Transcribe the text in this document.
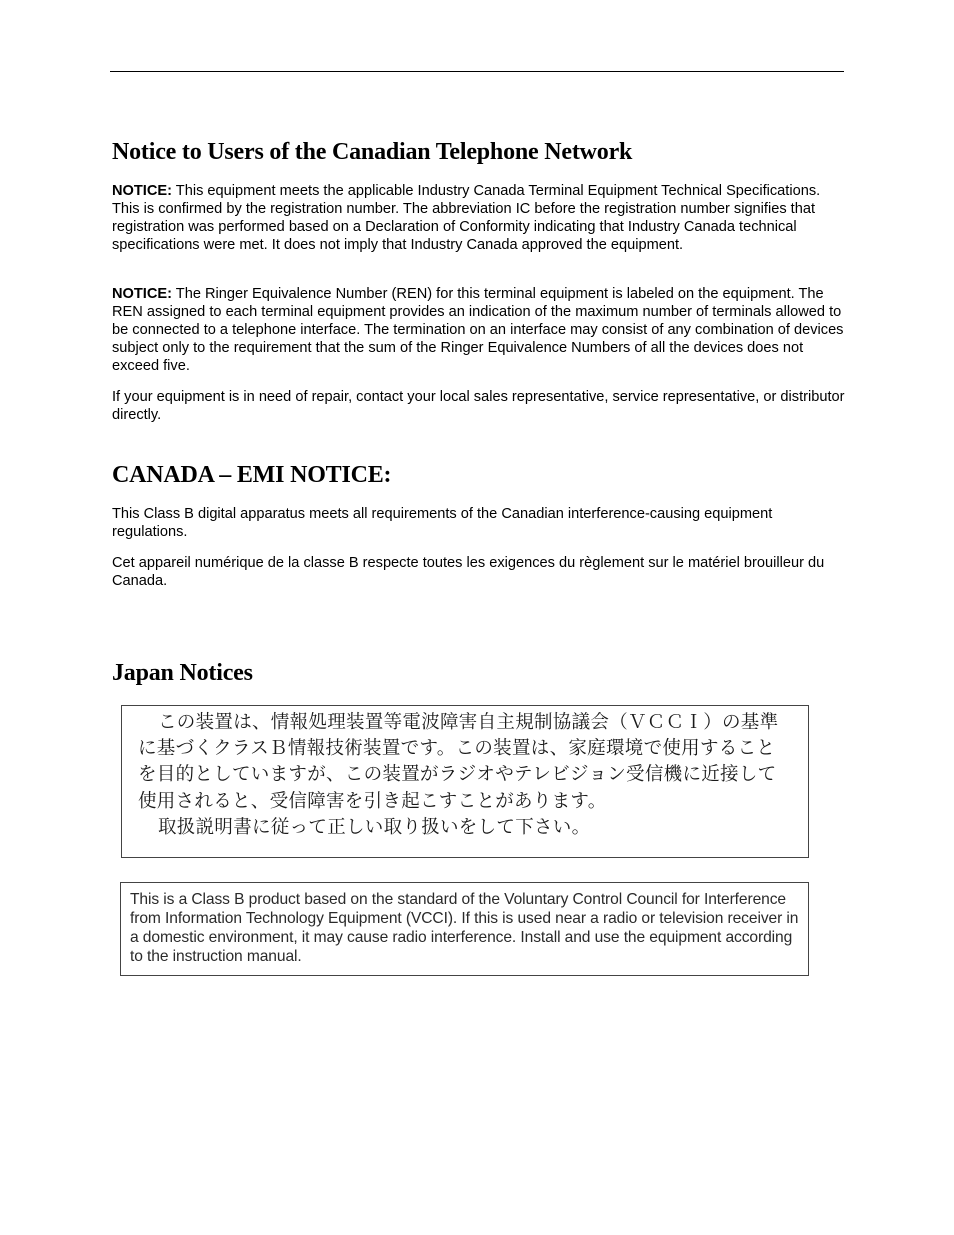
Notice to Users of the Canadian Telephone Network

NOTICE: This equipment meets the applicable Industry Canada Terminal Equipment Technical Specifications. This is confirmed by the registration number. The abbreviation IC before the registration number signifies that registration was performed based on a Declaration of Conformity indicating that Industry Canada technical specifications were met. It does not imply that Industry Canada approved the equipment.

NOTICE: The Ringer Equivalence Number (REN) for this terminal equipment is labeled on the equipment. The REN assigned to each terminal equipment provides an indication of the maximum number of terminals allowed to be connected to a telephone interface. The termination on an interface may consist of any combination of devices subject only to the requirement that the sum of the Ringer Equivalence Numbers of all the devices does not exceed five.

If your equipment is in need of repair, contact your local sales representative, service representative, or distributor directly.

CANADA – EMI NOTICE:

This Class B digital apparatus meets all requirements of the Canadian interference-causing equipment regulations.

Cet appareil numérique de la classe B respecte toutes les exigences du règlement sur le matériel brouilleur du Canada.

Japan Notices
この装置は、情報処理装置等電波障害自主規制協議会（ＶＣＣＩ）の基準
に基づくクラスＢ情報技術装置です。この装置は、家庭環境で使用すること
を目的としていますが、この装置がラジオやテレビジョン受信機に近接して
使用されると、受信障害を引き起こすことがあります。
取扱説明書に従って正しい取り扱いをして下さい。

This is a Class B product based on the standard of the Voluntary Control Council for Interference from Information Technology Equipment (VCCI). If this is used near a radio or television receiver in a domestic environment, it may cause radio interference. Install and use the equipment according to the instruction manual.
